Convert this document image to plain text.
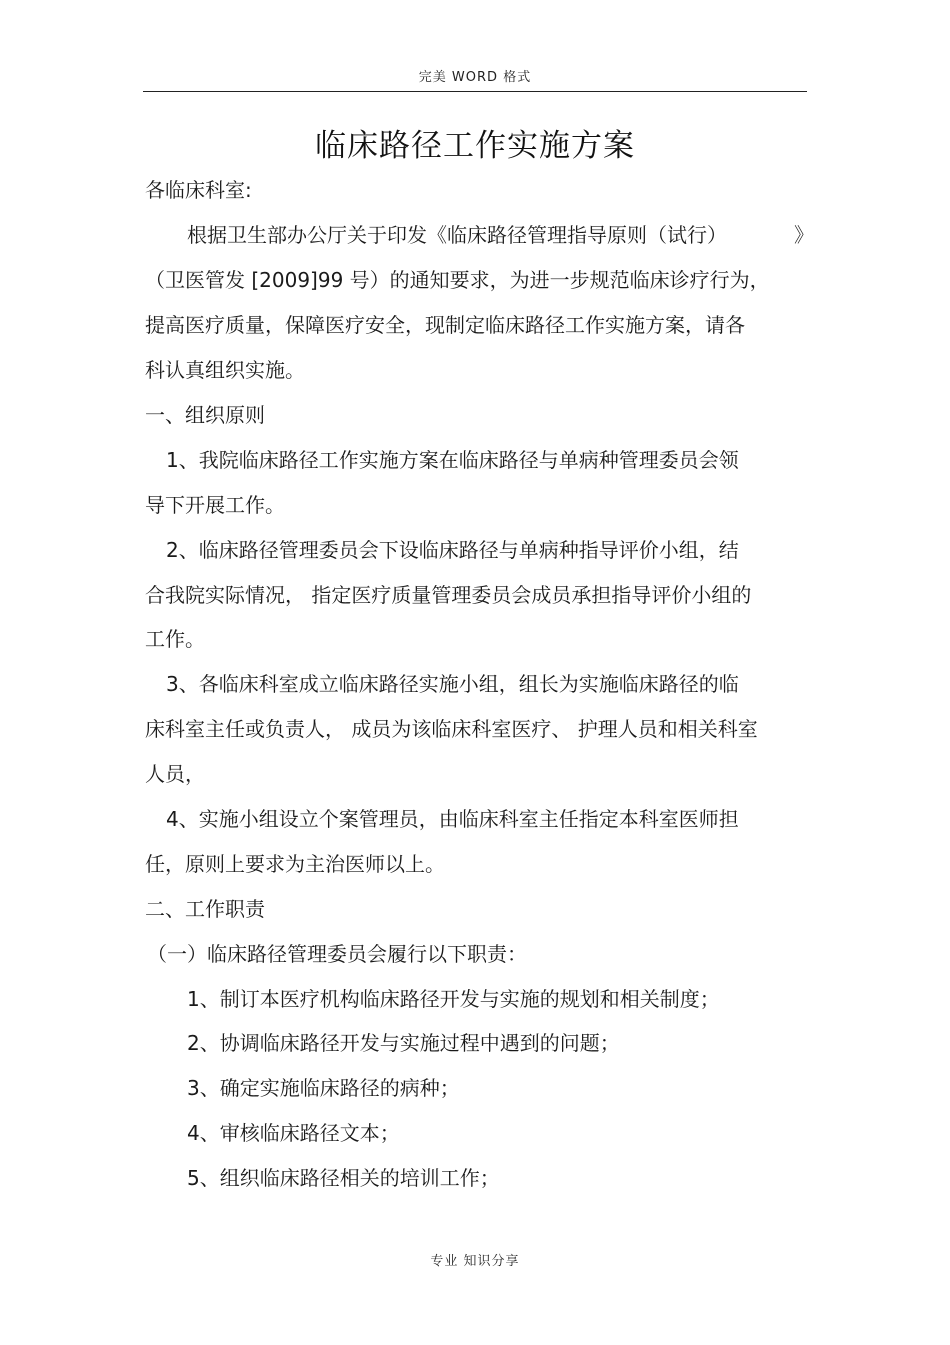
完美 WORD 格式
临床路径工作实施方案
各临床科室:
根据卫生部办公厅关于印发《临床路径管理指导原则（试行）	》
（卫医管发 [2009]99 号）的通知要求，为进一步规范临床诊疗行为，
提高医疗质量，保障医疗安全，现制定临床路径工作实施方案，请各
科认真组织实施。
一、组织原则
1、我院临床路径工作实施方案在临床路径与单病种管理委员会领
导下开展工作。
2、临床路径管理委员会下设临床路径与单病种指导评价小组，结
合我院实际情况， 指定医疗质量管理委员会成员承担指导评价小组的
工作。
3、各临床科室成立临床路径实施小组，组长为实施临床路径的临
床科室主任或负责人， 成员为该临床科室医疗、 护理人员和相关科室
人员，
4、实施小组设立个案管理员，由临床科室主任指定本科室医师担
任，原则上要求为主治医师以上。
二、工作职责
（一）临床路径管理委员会履行以下职责：
1、制订本医疗机构临床路径开发与实施的规划和相关制度；
2、协调临床路径开发与实施过程中遇到的问题；
3、确定实施临床路径的病种；
4、审核临床路径文本；
5、组织临床路径相关的培训工作；
专业 知识分享
